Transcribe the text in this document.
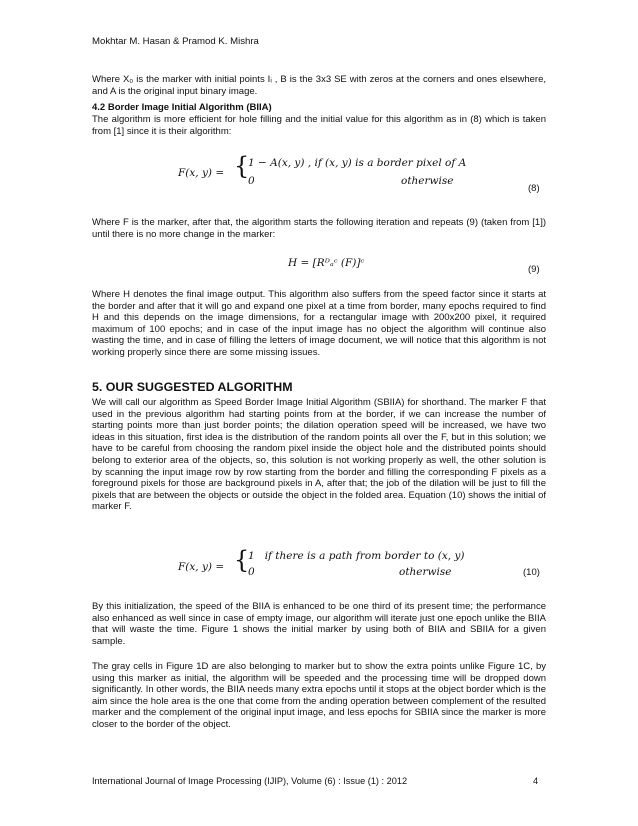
Mokhtar M. Hasan & Pramod K. Mishra
Where X₀ is the marker with initial points Iᵢ , B is the 3x3 SE with zeros at the corners and ones elsewhere, and A is the original input binary image.
4.2 Border Image Initial Algorithm (BIIA)
The algorithm is more efficient for hole filling and the initial value for this algorithm as in (8) which is taken from [1] since it is their algorithm:
F(x, y) = {
1 − A(x, y) , if (x, y) is a border pixel of A
0	otherwise
(8)
Where F is the marker, after that, the algorithm starts the following iteration and repeats (9) (taken from [1]) until there is no more change in the marker:
H = [Rᴰₐᶜ (F)]ᶜ
(9)
Where H denotes the final image output. This algorithm also suffers from the speed factor since it starts at the border and after that it will go and expand one pixel at a time from border, many epochs required to find H and this depends on the image dimensions, for a rectangular image with 200x200 pixel, it required maximum of 100 epochs; and in case of the input image has no object the algorithm will continue also wasting the time, and in case of filling the letters of image document, we will notice that this algorithm is not working properly since there are some missing issues.
5. OUR SUGGESTED ALGORITHM
We will call our algorithm as Speed Border Image Initial Algorithm (SBIIA) for shorthand. The marker F that used in the previous algorithm had starting points from at the border, if we can increase the number of starting points more than just border points; the dilation operation speed will be increased, we have two ideas in this situation, first idea is the distribution of the random points all over the F, but in this solution; we have to be careful from choosing the random pixel inside the object hole and the distributed points should belong to exterior area of the objects, so, this solution is not working properly as well, the other solution is by scanning the input image row by row starting from the border and filling the corresponding F pixels as a foreground pixels for those are background pixels in A, after that; the job of the dilation will be just to fill the pixels that are between the objects or outside the object in the folded area. Equation (10) shows the initial of marker F.
F(x, y) = {
1   if there is a path from border to (x, y)
0	otherwise	(10)
By this initialization, the speed of the BIIA is enhanced to be one third of its present time; the performance also enhanced as well since in case of empty image, our algorithm will iterate just one epoch unlike the BIIA that will waste the time. Figure 1 shows the initial marker by using both of BIIA and SBIIA for a given sample.
The gray cells in Figure 1D are also belonging to marker but to show the extra points unlike Figure 1C, by using this marker as initial, the algorithm will be speeded and the processing time will be dropped down significantly. In other words, the BIIA needs many extra epochs until it stops at the object border which is the aim since the hole area is the one that come from the anding operation between complement of the resulted marker and the complement of the original input image, and less epochs for SBIIA since the marker is more closer to the border of the object.
International Journal of Image Processing (IJIP), Volume (6) : Issue (1) : 2012	4
